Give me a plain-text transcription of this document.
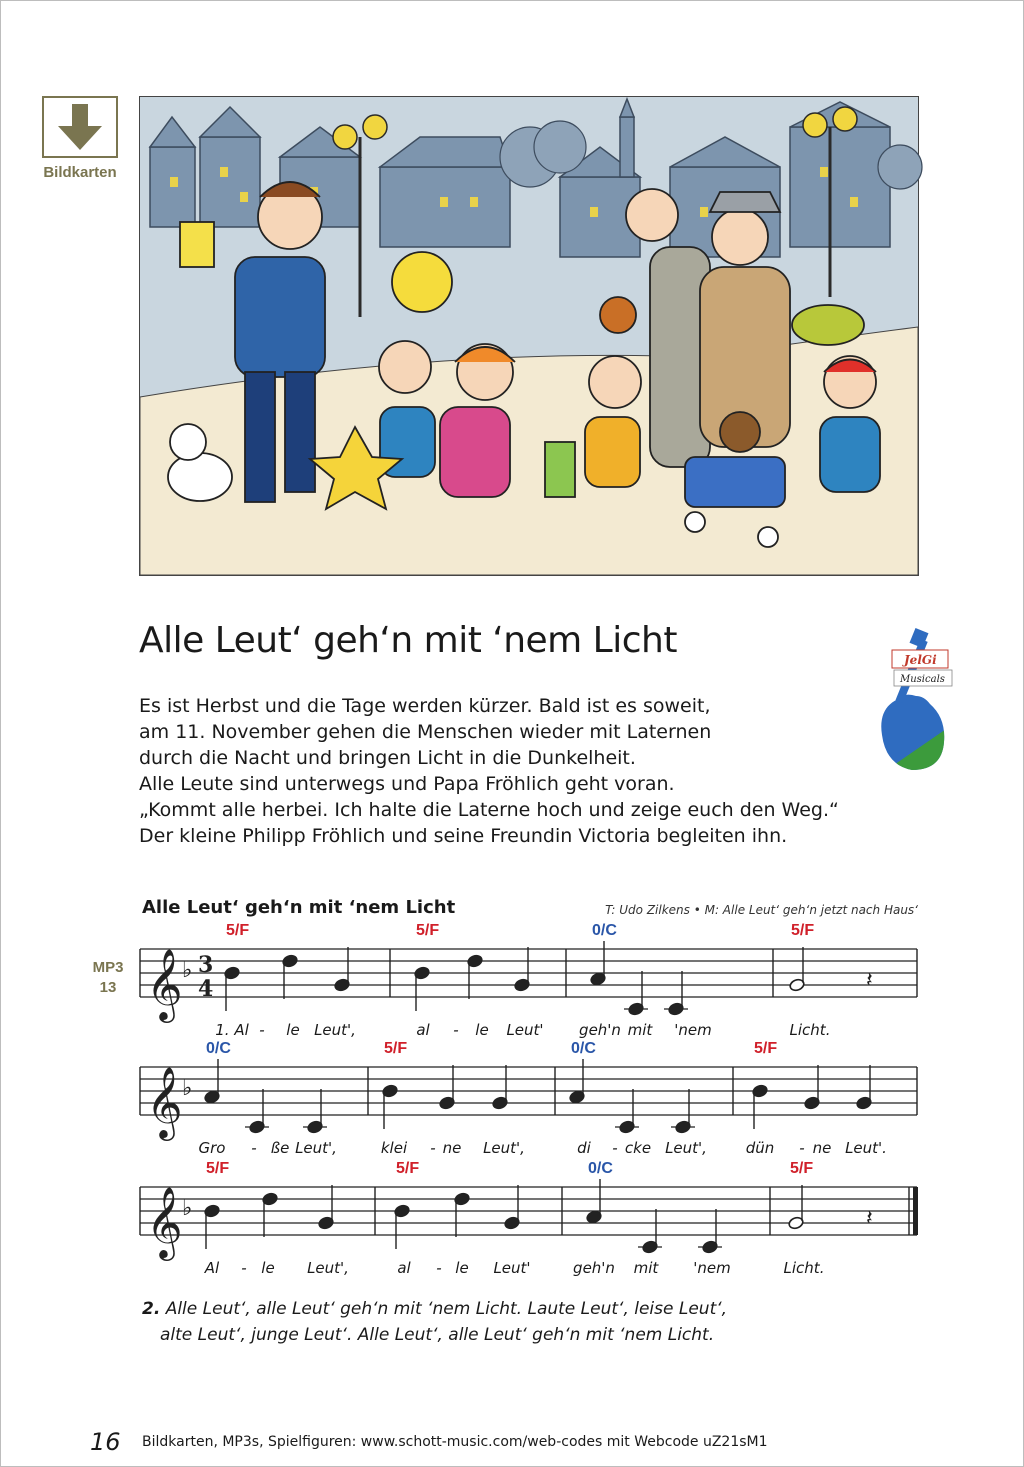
Bildkarten
Alle Leut‘ geh‘n mit ‘nem Licht
Es ist Herbst und die Tage werden kürzer. Bald ist es soweit,
am 11. November gehen die Menschen wieder mit Laternen
durch die Nacht und bringen Licht in die Dunkelheit.
Alle Leute sind unterwegs und Papa Fröhlich geht voran.
„Kommt alle herbei. Ich halte die Laterne hoch und zeige euch den Weg.“
Der kleine Philipp Fröhlich und seine Freundin Victoria begleiten ihn.
JelGi
Musicals
Alle Leut‘ geh‘n mit ‘nem Licht	T: Udo Zilkens • M: Alle Leut‘ geh‘n jetzt nach Haus‘
MP3
13 𝄞 ♭ 3
4
5/F	5/F	0/C	5/F
𝄽
1. Al - le Leut',	al - le Leut' geh'n mit 'nem	Licht.
𝄞 ♭
0/C	5/F	0/C	5/F
Gro - ße Leut',	klei - ne Leut',	di - cke Leut',	dün - ne Leut'.
𝄞 ♭
5/F	5/F	0/C	5/F
𝄽
Al - le Leut',	al - le Leut'	geh'n mit 'nem	Licht.
2. Alle Leut‘, alle Leut‘ geh‘n mit ‘nem Licht. Laute Leut‘, leise Leut‘,
alte Leut‘, junge Leut‘. Alle Leut‘, alle Leut‘ geh‘n mit ‘nem Licht.
16 Bildkarten, MP3s, Spielfiguren: www.schott-music.com/web-codes mit Webcode uZ21sM1
